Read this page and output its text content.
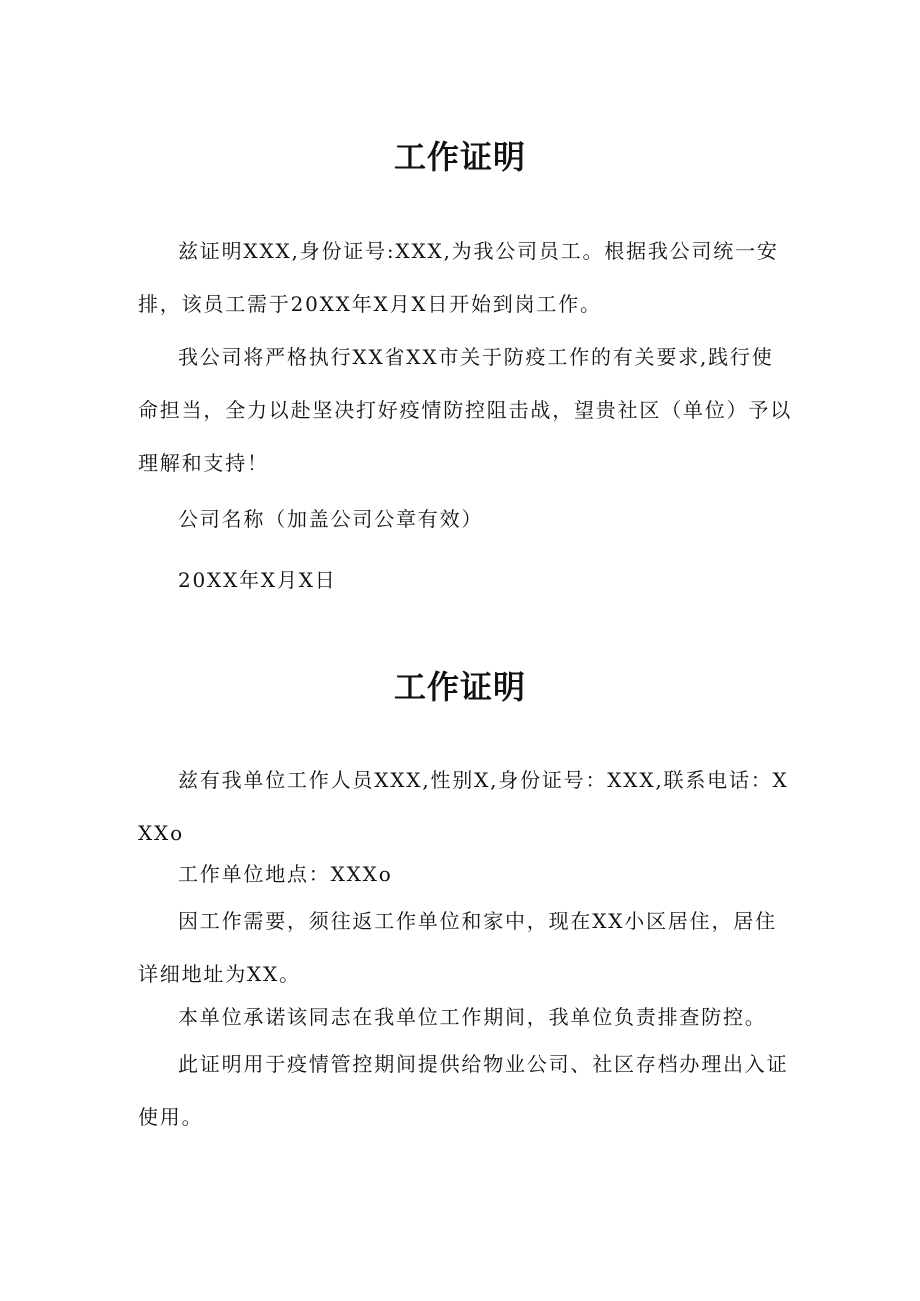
工作证明

兹证明XXX,身份证号:XXX,为我公司员工。根据我公司统一安排，该员工需于20XX年X月X日开始到岗工作。

我公司将严格执行XX省XX市关于防疫工作的有关要求,践行使命担当，全力以赴坚决打好疫情防控阻击战，望贵社区（单位）予以理解和支持！

公司名称（加盖公司公章有效）

20XX年X月X日

工作证明

兹有我单位工作人员XXX,性别X,身份证号：XXX,联系电话：XXXo

工作单位地点：XXXo

因工作需要，须往返工作单位和家中，现在XX小区居住，居住详细地址为XX。

本单位承诺该同志在我单位工作期间，我单位负责排查防控。

此证明用于疫情管控期间提供给物业公司、社区存档办理出入证使用。
